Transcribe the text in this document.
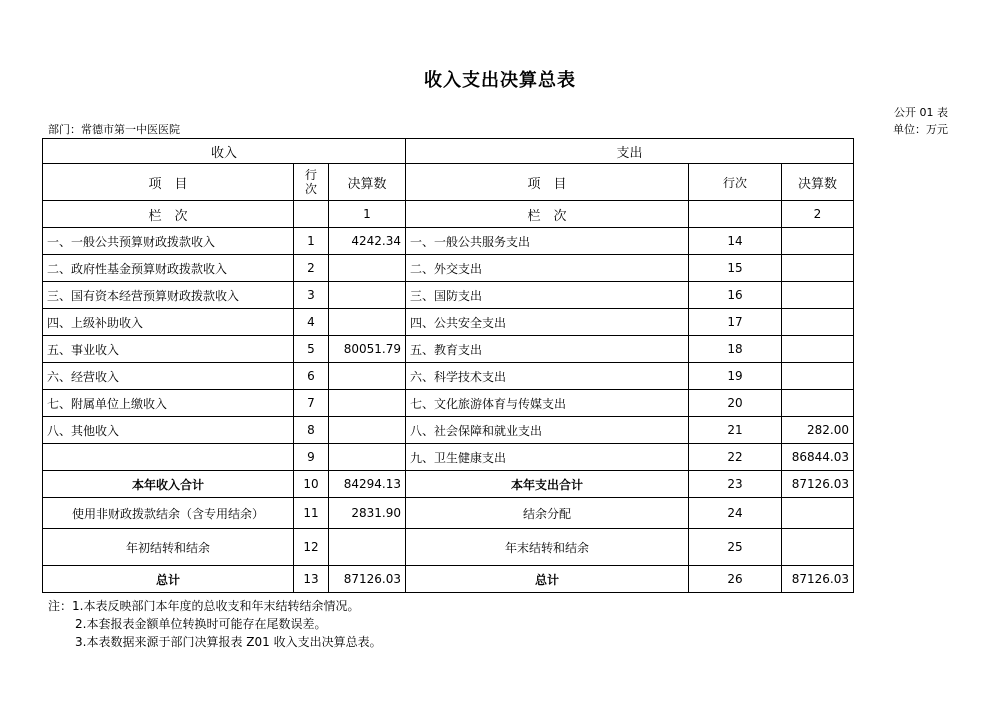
收入支出决算总表
公开 01 表
部门：常德市第一中医医院	单位：万元
收入			支出		
项　目	行次	决算数	项　目	行次	决算数
栏　次		1	栏　次		2
一、一般公共预算财政拨款收入	1	4242.34	一、一般公共服务支出	14	
二、政府性基金预算财政拨款收入	2		二、外交支出	15	
三、国有资本经营预算财政拨款收入	3		三、国防支出	16	
四、上级补助收入	4		四、公共安全支出	17	
五、事业收入	5	80051.79	五、教育支出	18	
六、经营收入	6		六、科学技术支出	19	
七、附属单位上缴收入	7		七、文化旅游体育与传媒支出	20	
八、其他收入	8		八、社会保障和就业支出	21	282.00
	9		九、卫生健康支出	22	86844.03
本年收入合计	10	84294.13	本年支出合计	23	87126.03
使用非财政拨款结余（含专用结余）	11	2831.90	结余分配	24	
年初结转和结余	12		年末结转和结余	25	
总计	13	87126.03	总计	26	87126.03
注：1.本表反映部门本年度的总收支和年末结转结余情况。
2.本套报表金额单位转换时可能存在尾数误差。
3.本表数据来源于部门决算报表 Z01 收入支出决算总表。
